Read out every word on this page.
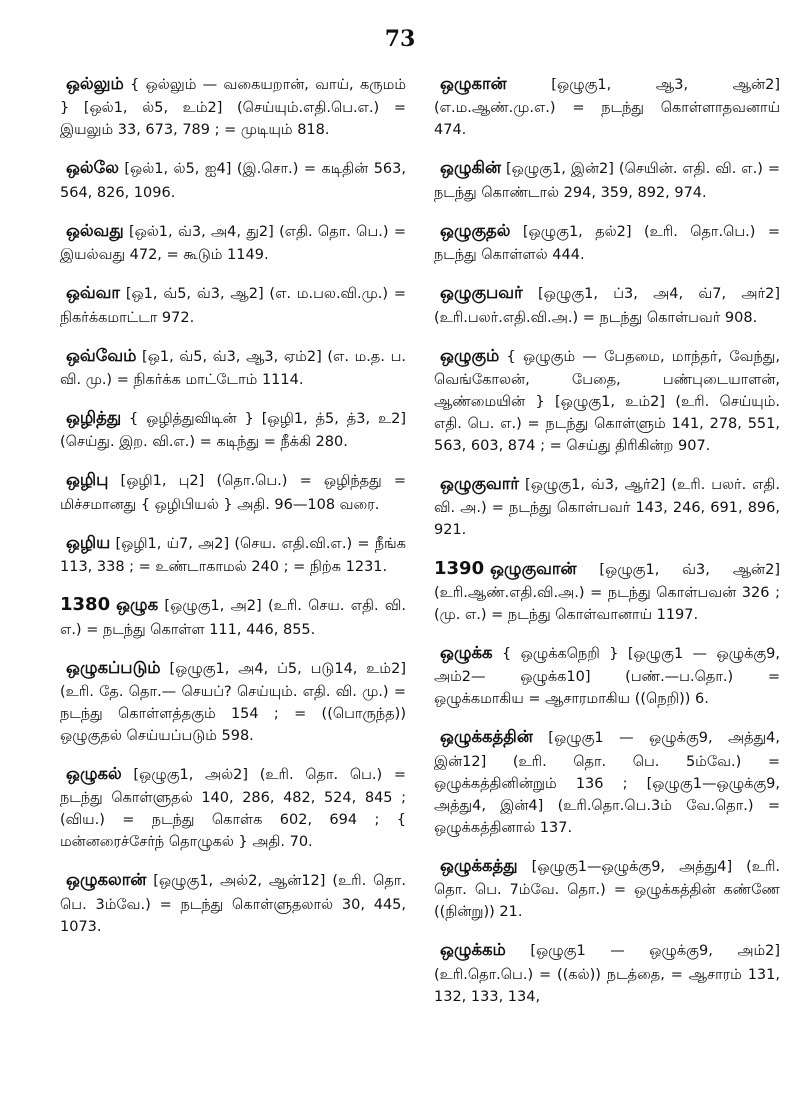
73

ஒல்லும் { ஒல்லும் — வகையறான், வாய், கருமம் } [ஒல்1, ல்5, உம்2] (செய்யும்.எதி.பெ.எ.) = இயலும் 33, 673, 789 ; = முடியும் 818.

ஒல்லே [ஒல்1, ல்5, ஐ4] (இ.சொ.) = கடிதின் 563, 564, 826, 1096.

ஒல்வது [ஒல்1, வ்3, அ4, து2] (எதி. தொ. பெ.) = இயல்வது 472, = கூடும் 1149.

ஒவ்வா [ஒ1, வ்5, வ்3, ஆ2] (எ. ம.பல.வி.மு.) = நிகர்க்கமாட்டா 972.

ஒவ்வேம் [ஒ1, வ்5, வ்3, ஆ3, ஏம்2] (எ. ம.த. ப. வி. மு.) = நிகர்க்க மாட்டோம் 1114.

ஒழித்து { ஒழித்துவிடின் } [ஒழி1, த்5, த்3, உ2] (செய்து. இற. வி.எ.) = கடிந்து = நீக்கி 280.

ஒழிபு [ஒழி1, பு2] (தொ.பெ.) = ஒழிந்தது = மிச்சமானது { ஒழிபியல் } அதி. 96—108 வரை.

ஒழிய [ஒழி1, ய்7, அ2] (செய. எதி.வி.எ.) = நீங்க 113, 338 ; = உண்டாகாமல் 240 ; = நிற்க 1231.

1380 ஒழுக [ஒழுகு1, அ2] (உரி. செய. எதி. வி. எ.) = நடந்து கொள்ள 111, 446, 855.

ஒழுகப்படும் [ஒழுகு1, அ4, ப்5, படு14, உம்2] (உரி. தே. தொ.— செயப்? செய்யும். எதி. வி. மு.) = நடந்து கொள்ளத்தகும் 154 ; = ((பொருந்த)) ஒழுகுதல் செய்யப்படும் 598.

ஒழுகல் [ஒழுகு1, அல்2] (உரி. தொ. பெ.) = நடந்து கொள்ளுதல் 140, 286, 482, 524, 845 ; (விய.) = நடந்து கொள்க 602, 694 ; { மன்னரைச்சேர்ந் தொழுகல் } அதி. 70.

ஒழுகலான் [ஒழுகு1, அல்2, ஆன்12] (உரி. தொ. பெ. 3ம்வே.) = நடந்து கொள்ளுதலால் 30, 445, 1073.

ஒழுகான் [ஒழுகு1, ஆ3, ஆன்2] (எ.ம.ஆண்.மு.எ.) = நடந்து கொள்ளாதவனாய் 474.

ஒழுகின் [ஒழுகு1, இன்2] (செயின். எதி. வி. எ.) = நடந்து கொண்டால் 294, 359, 892, 974.

ஒழுகுதல் [ஒழுகு1, தல்2] (உரி. தொ.பெ.) = நடந்து கொள்ளல் 444.

ஒழுகுபவர் [ஒழுகு1, ப்3, அ4, வ்7, அர்2] (உரி.பலர்.எதி.வி.அ.) = நடந்து கொள்பவர் 908.

ஒழுகும் { ஒழுகும் — பேதமை, மாந்தர், வேந்து, வெங்கோலன், பேதை, பண்புடையாளன், ஆண்மையின் } [ஒழுகு1, உம்2] (உரி. செய்யும். எதி. பெ. எ.) = நடந்து கொள்ளும் 141, 278, 551, 563, 603, 874 ; = செய்து திரிகின்ற 907.

ஒழுகுவார் [ஒழுகு1, வ்3, ஆர்2] (உரி. பலர். எதி. வி. அ.) = நடந்து கொள்பவர் 143, 246, 691, 896, 921.

1390 ஒழுகுவான் [ஒழுகு1, வ்3, ஆன்2] (உரி.ஆண்.எதி.வி.அ.) = நடந்து கொள்பவன் 326 ; (மு. எ.) = நடந்து கொள்வானாய் 1197.

ஒழுக்க { ஒழுக்கநெறி } [ஒழுகு1 — ஒழுக்கு9, அம்2— ஒழுக்க10] (பண்.—ப.தொ.) = ஒழுக்கமாகிய = ஆசாரமாகிய ((நெறி)) 6.

ஒழுக்கத்தின் [ஒழுகு1 — ஒழுக்கு9, அத்து4, இன்12] (உரி. தொ. பெ. 5ம்வே.) = ஒழுக்கத்தினின்றும் 136 ; [ஒழுகு1—ஒழுக்கு9, அத்து4, இன்4] (உரி.தொ.பெ.3ம் வே.தொ.) = ஒழுக்கத்தினால் 137.

ஒழுக்கத்து [ஒழுகு1—ஒழுக்கு9, அத்து4] (உரி. தொ. பெ. 7ம்வே. தொ.) = ஒழுக்கத்தின் கண்ணே ((நின்று)) 21.

ஒழுக்கம் [ஒழுகு1 — ஒழுக்கு9, அம்2] (உரி.தொ.பெ.) = ((கல்)) நடத்தை, = ஆசாரம் 131, 132, 133, 134,
